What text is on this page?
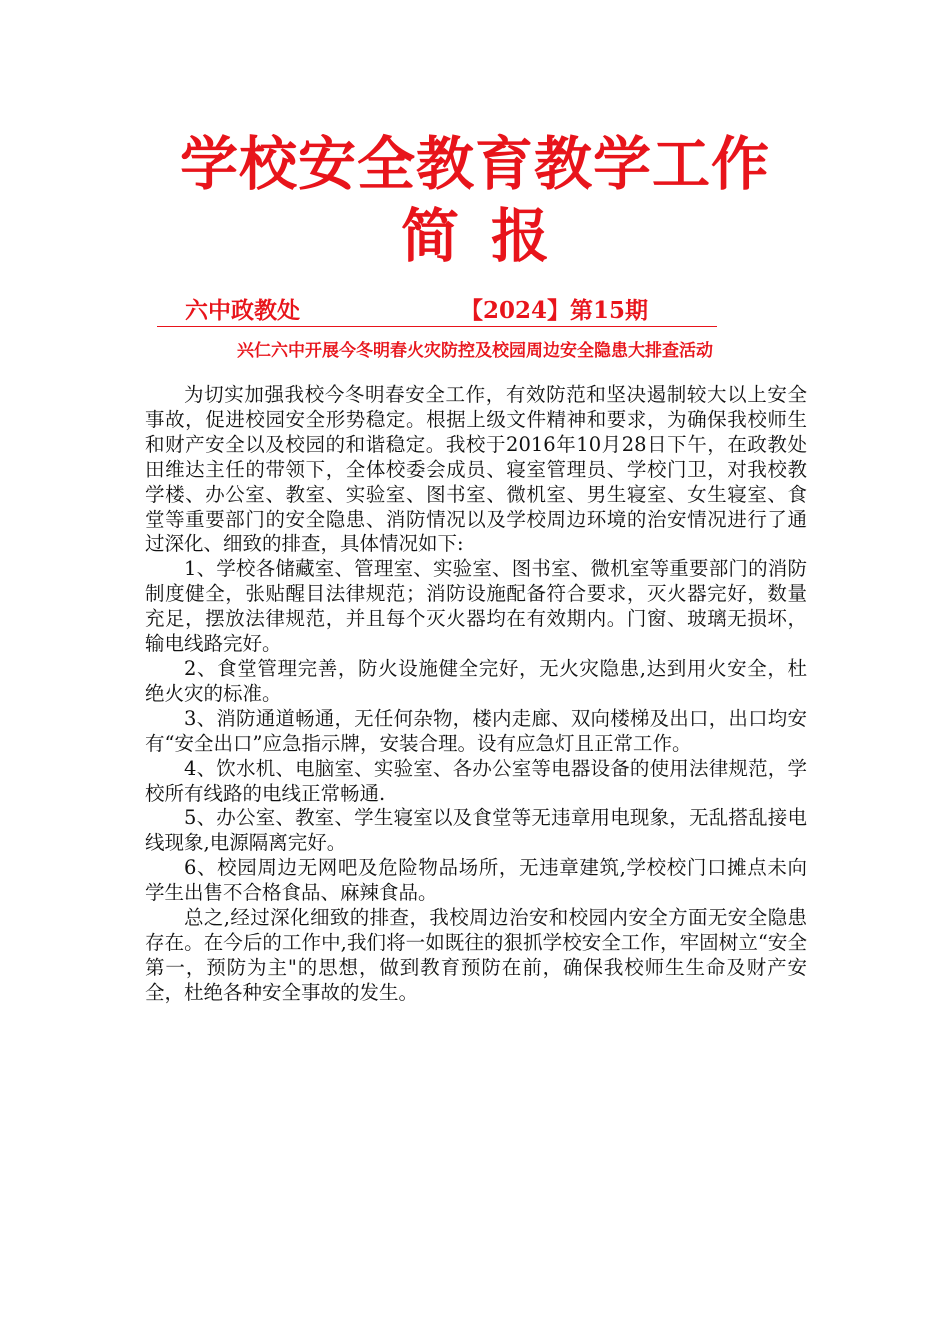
学校安全教育教学工作
简报
六中政教处	【2024】第15期
兴仁六中开展今冬明春火灾防控及校园周边安全隐患大排查活动

为切实加强我校今冬明春安全工作，有效防范和坚决遏制较大以上安全事故，促进校园安全形势稳定。根据上级文件精神和要求，为确保我校师生和财产安全以及校园的和谐稳定。我校于2016年10月28日下午，在政教处田维达主任的带领下，全体校委会成员、寝室管理员、学校门卫，对我校教学楼、办公室、教室、实验室、图书室、微机室、男生寝室、女生寝室、食堂等重要部门的安全隐患、消防情况以及学校周边环境的治安情况进行了通过深化、细致的排查，具体情况如下:

1、学校各储藏室、管理室、实验室、图书室、微机室等重要部门的消防制度健全，张贴醒目法律规范；消防设施配备符合要求，灭火器完好，数量充足，摆放法律规范，并且每个灭火器均在有效期内。门窗、玻璃无损坏，输电线路完好。

2、食堂管理完善，防火设施健全完好，无火灾隐患,达到用火安全，杜绝火灾的标准。

3、消防通道畅通，无任何杂物，楼内走廊、双向楼梯及出口，出口均安有“安全出口”应急指示牌，安装合理。设有应急灯且正常工作。

4、饮水机、电脑室、实验室、各办公室等电器设备的使用法律规范，学校所有线路的电线正常畅通.

5、办公室、教室、学生寝室以及食堂等无违章用电现象，无乱搭乱接电线现象,电源隔离完好。

6、校园周边无网吧及危险物品场所，无违章建筑,学校校门口摊点未向学生出售不合格食品、麻辣食品。

总之,经过深化细致的排查，我校周边治安和校园内安全方面无安全隐患存在。在今后的工作中,我们将一如既往的狠抓学校安全工作，牢固树立“安全第一，预防为主"的思想，做到教育预防在前，确保我校师生生命及财产安全，杜绝各种安全事故的发生。
